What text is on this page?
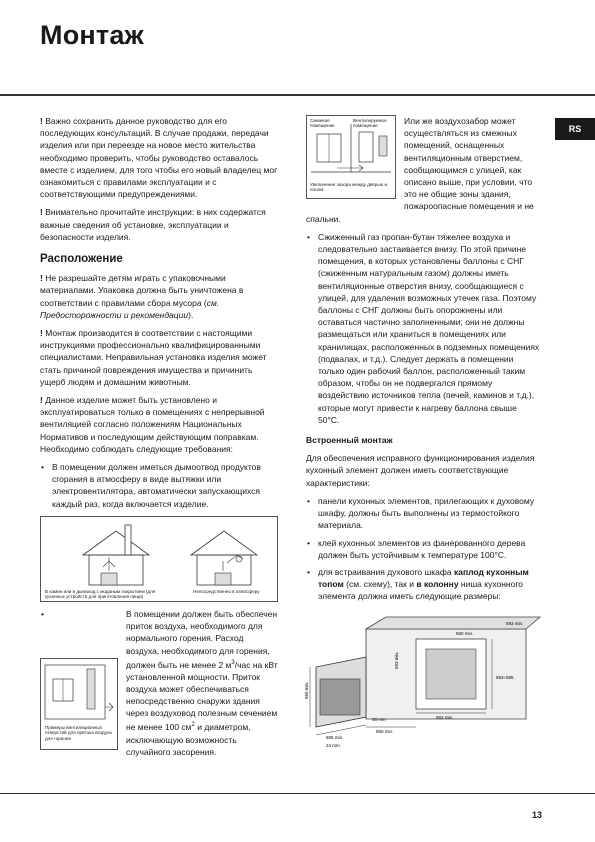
Монтаж
RS

! Важно сохранить данное руководство для его последующих консультаций. В случае продажи, передачи изделия или при переезде на новое место жительства необходимо проверить, чтобы руководство оставалось вместе с изделием, для того чтобы его новый владелец мог ознакомиться с правилами эксплуатации и с соответствующими предупреждениями.

! Внимательно прочитайте инструкции: в них содержатся важные сведения об установке, эксплуатации и безопасности изделия.

Расположение

! Не разрешайте детям играть с упаковочными материалами. Упаковка должна быть уничтожена в соответствии с правилами сбора мусора (см. Предосторожности и рекомендации).

! Монтаж производится в соответствии с настоящими инструкциями профессионально квалифицированными специалистами. Неправильная установка изделия может стать причиной повреждения имущества и причинить ущерб людям и домашним животным.

! Данное изделие может быть установлено и эксплуатироваться только в помещениях с непрерывной вентиляцией согласно положениям Национальных Нормативов и последующим действующим поправкам. Необходимо соблюдать следующие требования:

• В помещении должен иметься дымоотвод продуктов сгорания в атмосферу в виде вытяжки или электровентилятора, автоматически запускающихся каждый раз, когда включается изделие.
В камин или в дымоход с моданым покрытием (для кухонных устройств для приготовления пищи)
Непосредственно в атмосферу
•
Примеры вентиляционных отверстий для притока воздуха для горения
В помещении должен быть обеспечен приток воздуха, необходимого для нормального горения. Расход воздуха, необходимого для горения, должен быть не менее 2 $м^3$/час на кВт установленной мощности. Приток воздуха может обеспечиваться непосредственно снаружи здания через воздуховод полезным сечением не менее 100 $см^2$ и диаметром, исключающую возможность случайного засорения.
Смежное помещение
Вентилируемое помещение
Увеличение зазора между дверью и полом

Или же воздухозабор может осуществляться из смежных помещений, оснащенных вентиляционным отверстием, сообщающимся с улицей, как описано выше, при условии, что это не общие зоны здания, пожароопасные помещения и не спальни.

• Сжиженный газ пропан-бутан тяжелее воздуха и следовательно застаивается внизу. По этой причине помещения, в которых установлены баллоны с СНГ (сжиженным натуральным газом) должны иметь вентиляционные отверстия внизу, сообщающиеся с улицей, для удаления возможных утечек газа. Поэтому баллоны с СНГ должны быть опорожнены или оставаться частично заполненными; они не должны размещаться или храниться в помещениях или хранилищах, расположенных в подземных помещениях (подвалах, и т.д.). Следует держать в помещении только один рабочий баллон, расположенный таким образом, чтобы он не подвергался прямому воздействию источников тепла (печей, каминов и т.д.), которые могут привести к нагреву баллона свыше 50°С.
Встроенный монтаж

Для обеспечения исправного функционирования изделия кухонный элемент должен иметь соответствующие характеристики:

• панели кухонных элементов, прилегающих к духовому шкафу, должны быть выполнены из термостойкого материала.
• клей кухонных элементов из фанерованного дерева должен быть устойчивым к температуре 100°С.
• для встраивания духового шкафа каплод кухонным топом (см. схему), так и в колонну ниша кухонного элемента должна иметь следующие размеры:
560 min.
595 min.
550 min.
583÷585
593 min.
45 mm
24 mm
560 min.
593 min.
593 min.
13
